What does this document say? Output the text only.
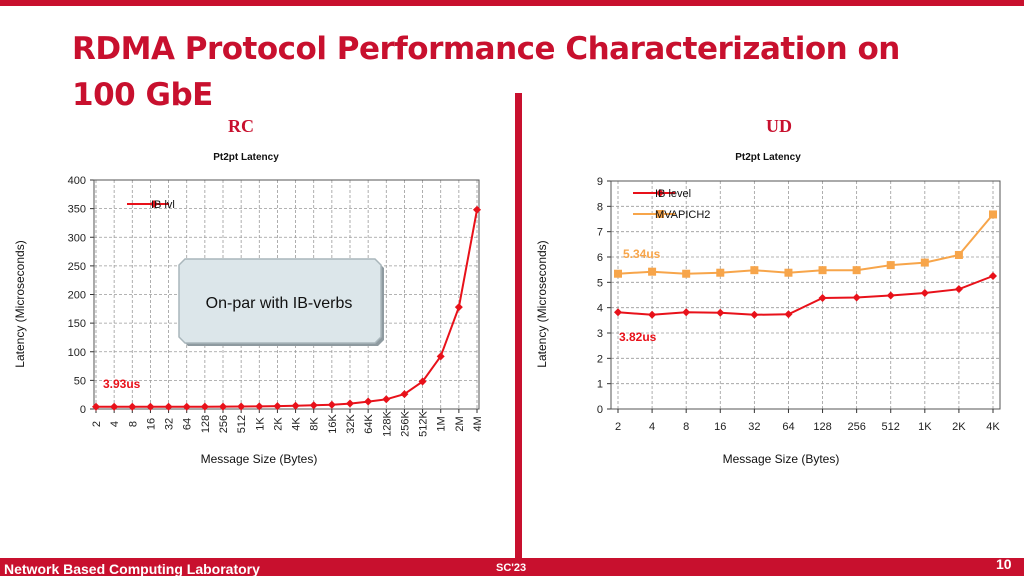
RDMA Protocol Performance Characterization on 100 GbE
RC	UD
0
50
100
150
200
250
300
350
400
2 4 8 16 32 64 128 256 512 1K 2K 4K 8K 16K 32K 64K 128K 256K 512K 1M 2M 4M
Pt2pt Latency
Message Size (Bytes)
Latency (Microseconds)
IB lvl
3.93us
On-par with IB-verbs
0
1
2
3
4
5
6
7
8
9
2	4	8 16 32 64 128 256 512 1K 2K 4K
Pt2pt Latency
Message Size (Bytes)
Latency (Microseconds)
IB level
MVAPICH2
5.34us
3.82us
Network Based Computing Laboratory	SC'23	10
